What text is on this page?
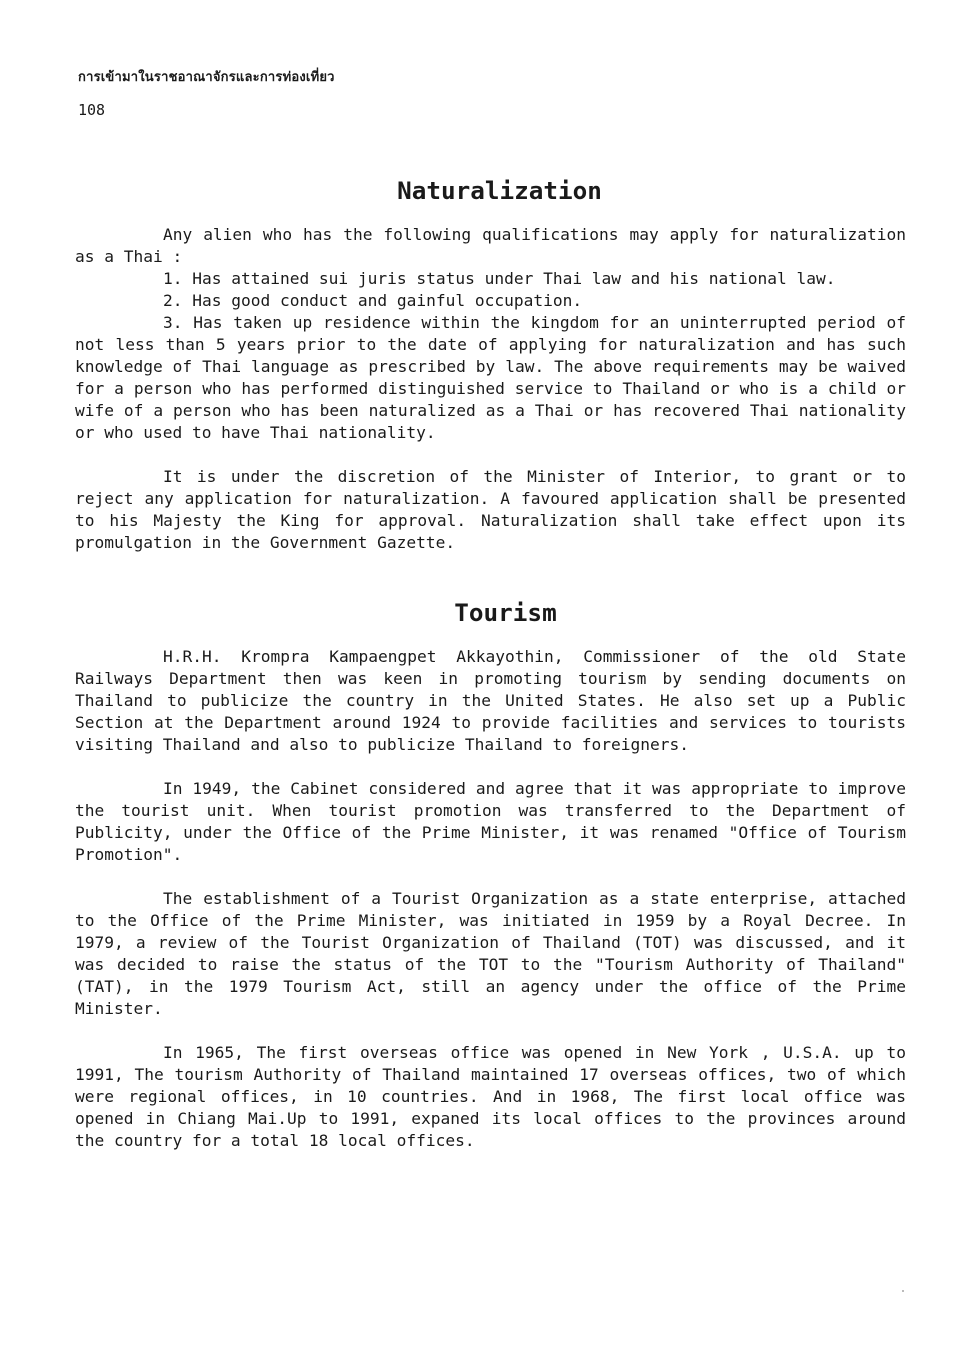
การเข้ามาในราชอาณาจักรและการท่องเที่ยว
108
Naturalization

Any alien who has the following qualifications may apply for naturalization as a Thai :

1. Has attained sui juris status under Thai law and his national law.

2. Has good conduct and gainful occupation.

3. Has taken up residence within the kingdom for an uninterrupted period of not less than 5 years prior to the date of applying for naturalization and has such knowledge of Thai language as prescribed by law. The above requirements may be waived for a person who has performed distinguished service to Thailand or who is a child or wife of a person who has been naturalized as a Thai or has recovered Thai nationality or who used to have Thai nationality.

It is under the discretion of the Minister of Interior, to grant or to reject any application for naturalization. A favoured application shall be presented to his Majesty the King for approval. Naturalization shall take effect upon its promulgation in the Government Gazette.

Tourism

H.R.H. Krompra Kampaengpet Akkayothin, Commissioner of the old State Railways Department then was keen in promoting tourism by sending documents on Thailand to publicize the country in the United States. He also set up a Public Section at the Department around 1924 to provide facilities and services to tourists visiting Thailand and also to publicize Thailand to foreigners.

In 1949, the Cabinet considered and agree that it was appropriate to improve the tourist unit. When tourist promotion was transferred to the Department of Publicity, under the Office of the Prime Minister, it was renamed "Office of Tourism Promotion".

The establishment of a Tourist Organization as a state enterprise, attached to the Office of the Prime Minister, was initiated in 1959 by a Royal Decree. In 1979, a review of the Tourist Organization of Thailand (TOT) was discussed, and it was decided to raise the status of the TOT to the "Tourism Authority of Thailand" (TAT), in the 1979 Tourism Act, still an agency under the office of the Prime Minister.

In 1965, The first overseas office was opened in New York , U.S.A. up to 1991, The tourism Authority of Thailand maintained 17 overseas offices, two of which were regional offices, in 10 countries. And in 1968, The first local office was opened in Chiang Mai.Up to 1991, expaned its local offices to the provinces around the country for a total 18 local offices.
